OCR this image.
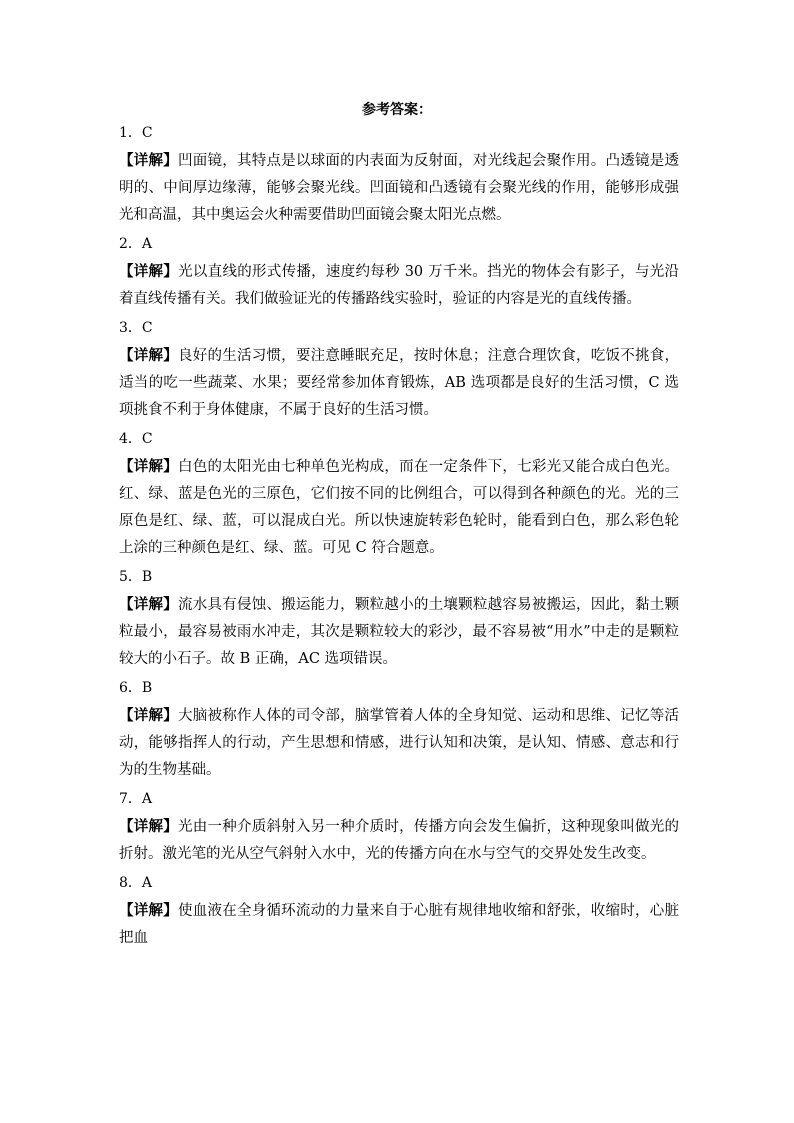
参考答案：

1．C

【详解】凹面镜，其特点是以球面的内表面为反射面，对光线起会聚作用。凸透镜是透明的、中间厚边缘薄，能够会聚光线。凹面镜和凸透镜有会聚光线的作用，能够形成强光和高温，其中奥运会火种需要借助凹面镜会聚太阳光点燃。

2．A

【详解】光以直线的形式传播，速度约每秒 30 万千米。挡光的物体会有影子，与光沿着直线传播有关。我们做验证光的传播路线实验时，验证的内容是光的直线传播。

3．C

【详解】良好的生活习惯，要注意睡眠充足，按时休息；注意合理饮食，吃饭不挑食，适当的吃一些蔬菜、水果；要经常参加体育锻炼，AB 选项都是良好的生活习惯，C 选项挑食不利于身体健康，不属于良好的生活习惯。

4．C

【详解】白色的太阳光由七种单色光构成，而在一定条件下，七彩光又能合成白色光。红、绿、蓝是色光的三原色，它们按不同的比例组合，可以得到各种颜色的光。光的三原色是红、绿、蓝，可以混成白光。所以快速旋转彩色轮时，能看到白色，那么彩色轮上涂的三种颜色是红、绿、蓝。可见 C 符合题意。

5．B

【详解】流水具有侵蚀、搬运能力，颗粒越小的土壤颗粒越容易被搬运，因此，黏土颗粒最小，最容易被雨水冲走，其次是颗粒较大的彩沙，最不容易被“用水”中走的是颗粒较大的小石子。故 B 正确，AC 选项错误。

6．B

【详解】大脑被称作人体的司令部，脑掌管着人体的全身知觉、运动和思维、记忆等活动，能够指挥人的行动，产生思想和情感，进行认知和决策，是认知、情感、意志和行为的生物基础。

7．A

【详解】光由一种介质斜射入另一种介质时，传播方向会发生偏折，这种现象叫做光的折射。激光笔的光从空气斜射入水中，光的传播方向在水与空气的交界处发生改变。

8．A

【详解】使血液在全身循环流动的力量来自于心脏有规律地收缩和舒张，收缩时，心脏把血
